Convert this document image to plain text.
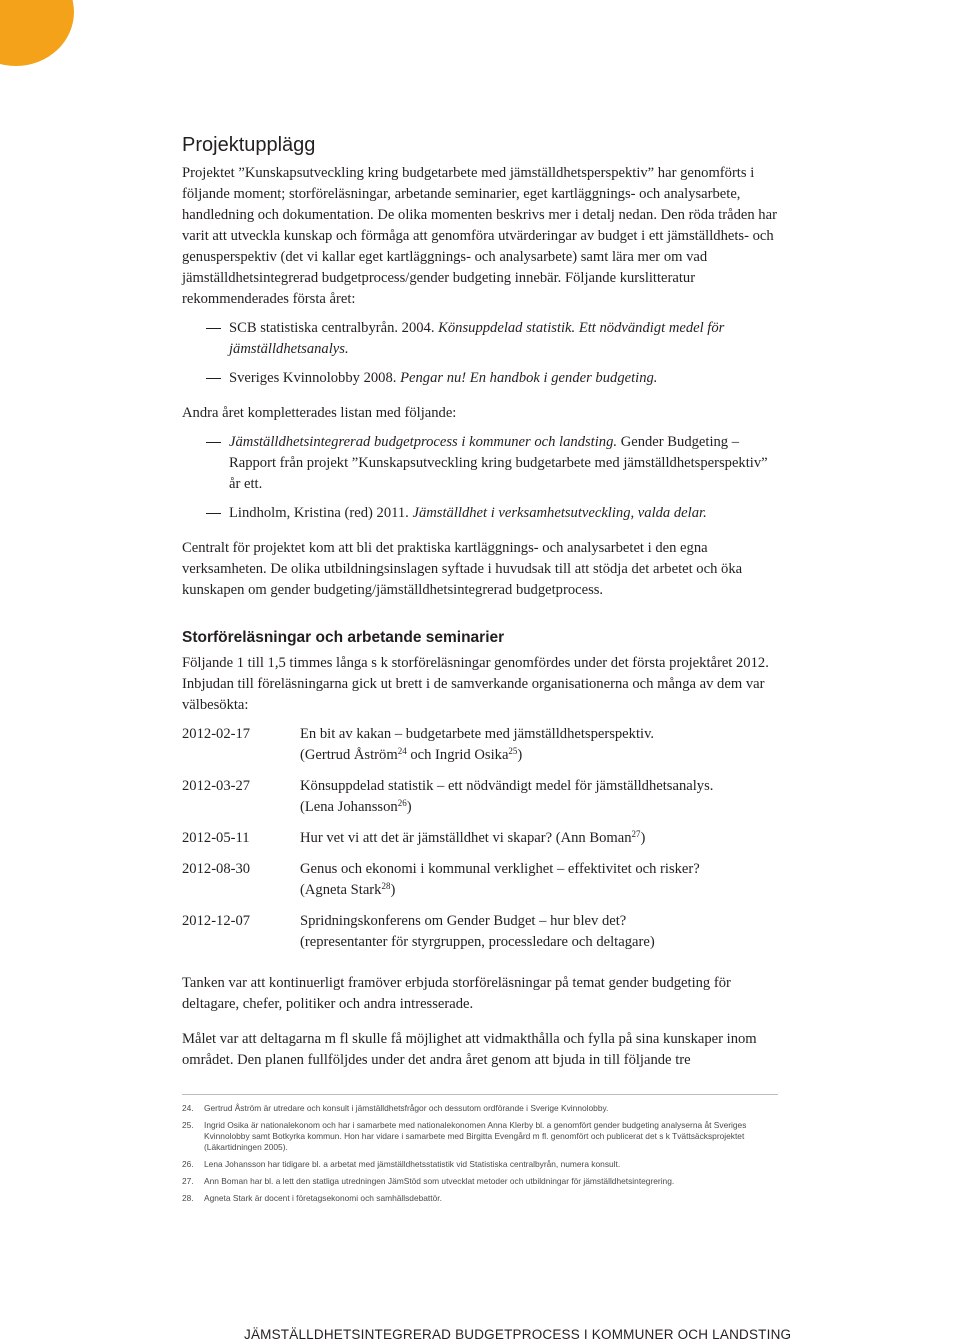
Projektupplägg

Projektet ”Kunskapsutveckling kring budgetarbete med jämställdhetsperspektiv” har genomförts i följande moment; storföreläsningar, arbetande seminarier, eget kartläggnings- och analysarbete, handledning och dokumentation. De olika momenten beskrivs mer i detalj nedan. Den röda tråden har varit att utveckla kunskap och förmåga att genomföra utvärderingar av budget i ett jämställdhets- och genusperspektiv (det vi kallar eget kartläggnings- och analysarbete) samt lära mer om vad jämställdhetsintegrerad budgetprocess/gender budgeting innebär. Följande kurslitteratur rekommenderades första året:

SCB statistiska centralbyrån. 2004. Könsuppdelad statistik. Ett nödvändigt medel för jämställdhetsanalys.
Sveriges Kvinnolobby 2008. Pengar nu! En handbok i gender budgeting.

Andra året kompletterades listan med följande:

Jämställdhetsintegrerad budgetprocess i kommuner och landsting. Gender Budgeting – Rapport från projekt ”Kunskapsutveckling kring budgetarbete med jämställdhetsperspektiv” år ett.
Lindholm, Kristina (red) 2011. Jämställdhet i verksamhetsutveckling, valda delar.

Centralt för projektet kom att bli det praktiska kartläggnings- och analysarbetet i den egna verksamheten. De olika utbildningsinslagen syftade i huvudsak till att stödja det arbetet och öka kunskapen om gender budgeting/jämställdhetsintegrerad budgetprocess.

Storföreläsningar och arbetande seminarier

Följande 1 till 1,5 timmes långa s k storföreläsningar genomfördes under det första projektåret 2012. Inbjudan till föreläsningarna gick ut brett i de samverkande organisationerna och många av dem var välbesökta:

2012-02-17	En bit av kakan – budgetarbete med jämställdhetsperspektiv.
(Gertrud Åström$^{24}$ och Ingrid Osika$^{25}$)
2012-03-27	Könsuppdelad statistik – ett nödvändigt medel för jämställdhetsanalys.
(Lena Johansson$^{26}$)
2012-05-11	Hur vet vi att det är jämställdhet vi skapar? (Ann Boman$^{27}$)
2012-08-30	Genus och ekonomi i kommunal verklighet – effektivitet och risker?
(Agneta Stark$^{28}$)
2012-12-07	Spridningskonferens om Gender Budget – hur blev det?
(representanter för styrgruppen, processledare och deltagare)

Tanken var att kontinuerligt framöver erbjuda storföreläsningar på temat gender budgeting för deltagare, chefer, politiker och andra intresserade.

Målet var att deltagarna m fl skulle få möjlighet att vidmakthålla och fylla på sina kunskaper inom området. Den planen fullföljdes under det andra året genom att bjuda in till följande tre

24.	Gertrud Åström är utredare och konsult i jämställdhetsfrågor och dessutom ordförande i Sverige Kvinnolobby.
25.	Ingrid Osika är nationalekonom och har i samarbete med nationalekonomen Anna Klerby bl. a genomfört gender budgeting analyserna åt Sveriges Kvinnolobby samt Botkyrka kommun. Hon har vidare i samarbete med Birgitta Evengård m fl. genomfört och publicerat det s k Tvättsäcksprojektet (Läkartidningen 2005).
26.	Lena Johansson har tidigare bl. a arbetat med jämställdhetsstatistik vid Statistiska centralbyrån, numera konsult.
27.	Ann Boman har bl. a lett den statliga utredningen JämStöd som utvecklat metoder och utbildningar för jämställdhetsintegrering.
28.	Agneta Stark är docent i företagsekonomi och samhällsdebattör.
JÄMSTÄLLDHETSINTEGRERAD BUDGETPROCESS I KOMMUNER OCH LANDSTING
